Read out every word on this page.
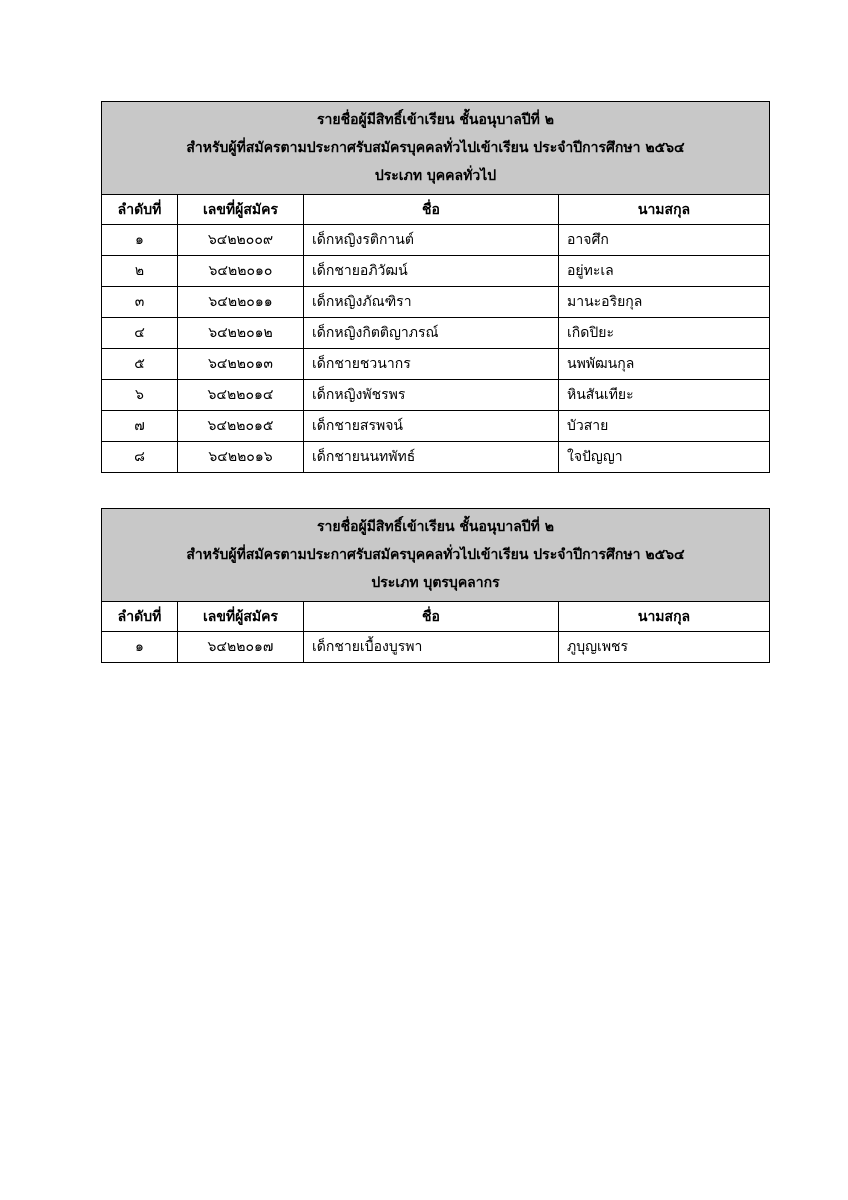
รายชื่อผู้มีสิทธิ์เข้าเรียน ชั้นอนุบาลปีที่ ๒
สำหรับผู้ที่สมัครตามประกาศรับสมัครบุคคลทั่วไปเข้าเรียน ประจำปีการศึกษา ๒๕๖๔
ประเภท บุคคลทั่วไป			

ลำดับที่	เลขที่ผู้สมัคร	ชื่อ	นามสกุล
๑	๖๔๒๒๐๐๙	เด็กหญิงรติกานต์	อาจศึก
๒	๖๔๒๒๐๑๐	เด็กชายอภิวัฒน์	อยู่ทะเล
๓	๖๔๒๒๐๑๑	เด็กหญิงภัณฑิรา	มานะอริยกุล
๔	๖๔๒๒๐๑๒	เด็กหญิงกิตติญาภรณ์	เกิดปิยะ
๕	๖๔๒๒๐๑๓	เด็กชายชวนากร	นพพัฒนกุล
๖	๖๔๒๒๐๑๔	เด็กหญิงพัชรพร	หินสันเทียะ
๗	๖๔๒๒๐๑๕	เด็กชายสรพจน์	บัวสาย
๘	๖๔๒๒๐๑๖	เด็กชายนนทพัทธ์	ใจปัญญา
รายชื่อผู้มีสิทธิ์เข้าเรียน ชั้นอนุบาลปีที่ ๒
สำหรับผู้ที่สมัครตามประกาศรับสมัครบุคคลทั่วไปเข้าเรียน ประจำปีการศึกษา ๒๕๖๔
ประเภท บุตรบุคลากร			

ลำดับที่	เลขที่ผู้สมัคร	ชื่อ	นามสกุล
๑	๖๔๒๒๐๑๗	เด็กชายเบื้องบูรพา	ภูบุญเพชร
